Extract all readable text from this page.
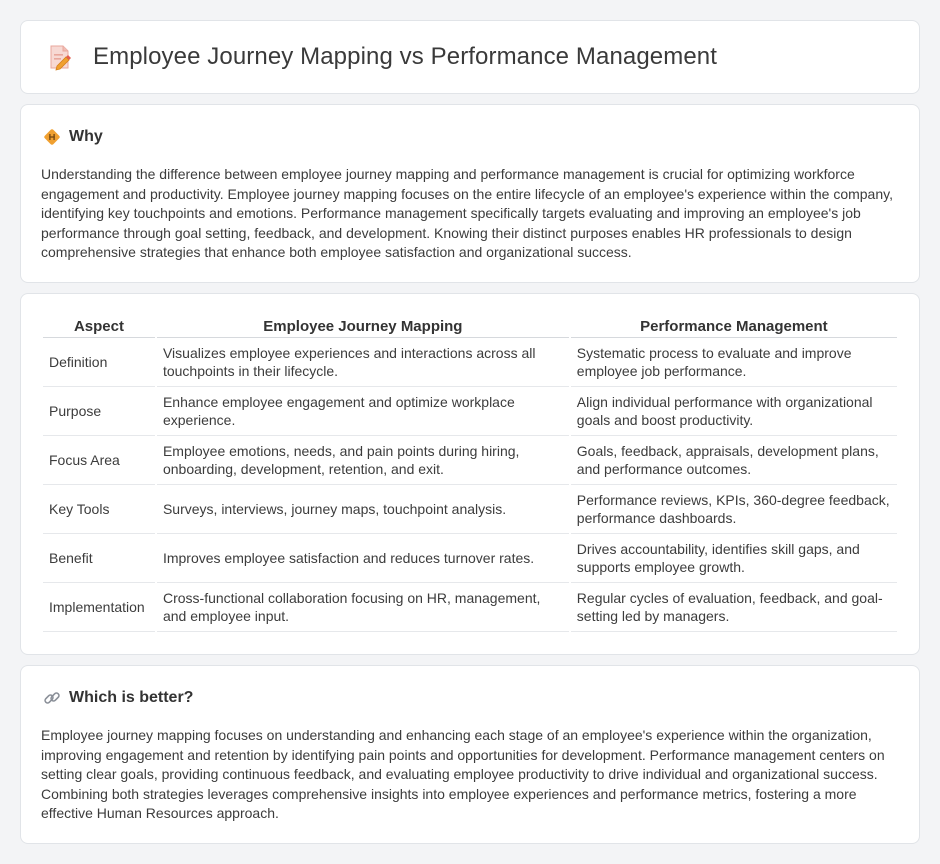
Employee Journey Mapping vs Performance Management
Why

Understanding the difference between employee journey mapping and performance management is crucial for optimizing workforce engagement and productivity. Employee journey mapping focuses on the entire lifecycle of an employee's experience within the company, identifying key touchpoints and emotions. Performance management specifically targets evaluating and improving an employee's job performance through goal setting, feedback, and development. Knowing their distinct purposes enables HR professionals to design comprehensive strategies that enhance both employee satisfaction and organizational success.

Aspect	Employee Journey Mapping	Performance Management
Definition	Visualizes employee experiences and interactions across all touchpoints in their lifecycle.	Systematic process to evaluate and improve employee job performance.
Purpose	Enhance employee engagement and optimize workplace experience.	Align individual performance with organizational goals and boost productivity.
Focus Area	Employee emotions, needs, and pain points during hiring, onboarding, development, retention, and exit.	Goals, feedback, appraisals, development plans, and performance outcomes.
Key Tools	Surveys, interviews, journey maps, touchpoint analysis.	Performance reviews, KPIs, 360-degree feedback, performance dashboards.
Benefit	Improves employee satisfaction and reduces turnover rates.	Drives accountability, identifies skill gaps, and supports employee growth.
Implementation	Cross-functional collaboration focusing on HR, management, and employee input.	Regular cycles of evaluation, feedback, and goal-setting led by managers.
Which is better?

Employee journey mapping focuses on understanding and enhancing each stage of an employee's experience within the organization, improving engagement and retention by identifying pain points and opportunities for development. Performance management centers on setting clear goals, providing continuous feedback, and evaluating employee productivity to drive individual and organizational success. Combining both strategies leverages comprehensive insights into employee experiences and performance metrics, fostering a more effective Human Resources approach.
